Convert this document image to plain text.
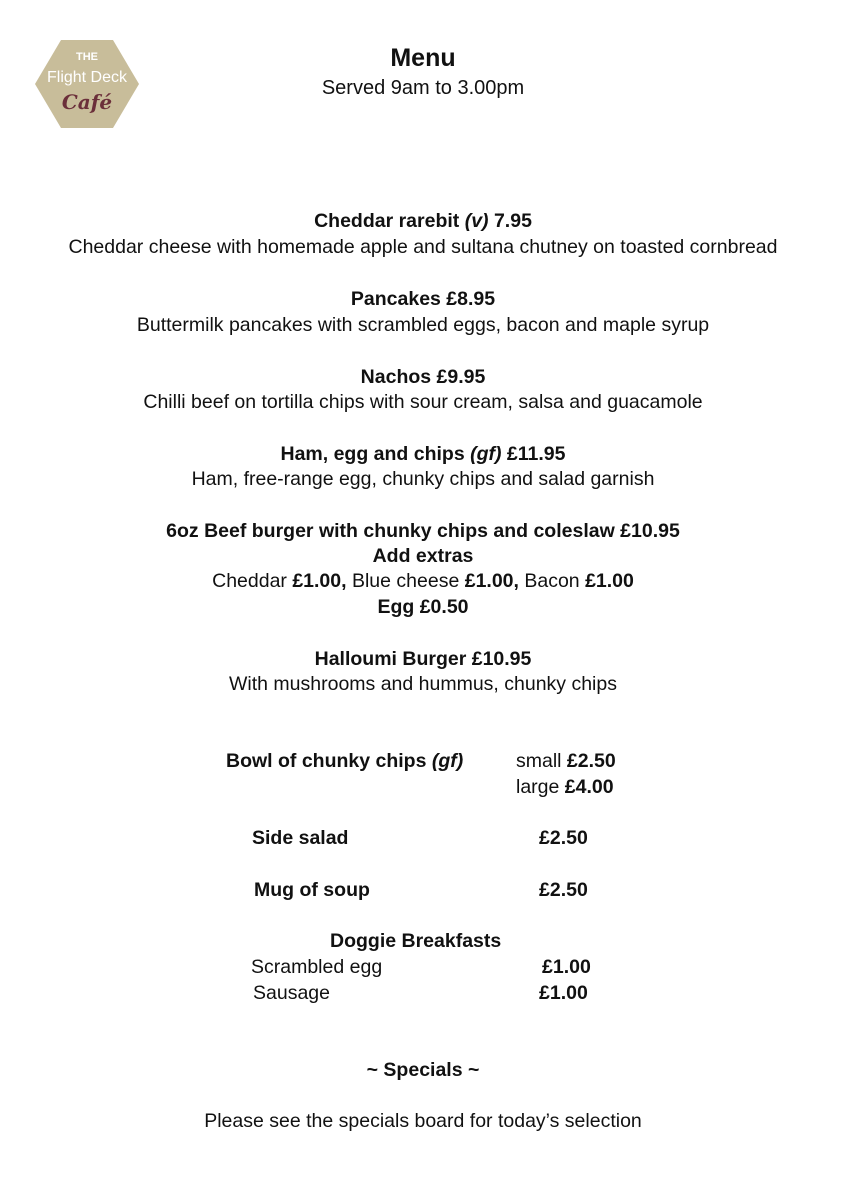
THE
Flight Deck
Café
Menu
Served 9am to 3.00pm
Cheddar rarebit (v) 7.95
Cheddar cheese with homemade apple and sultana chutney on toasted cornbread
Pancakes £8.95
Buttermilk pancakes with scrambled eggs, bacon and maple syrup
Nachos £9.95
Chilli beef on tortilla chips with sour cream, salsa and guacamole
Ham, egg and chips (gf) £11.95
Ham, free-range egg, chunky chips and salad garnish
6oz Beef burger with chunky chips and coleslaw £10.95
Add extras
Cheddar £1.00, Blue cheese £1.00, Bacon £1.00
Egg £0.50
Halloumi Burger £10.95
With mushrooms and hummus, chunky chips
Bowl of chunky chips (gf)	small £2.50
large £4.00
Side salad	£2.50
Mug of soup	£2.50
Doggie Breakfasts
Scrambled egg	£1.00
Sausage	£1.00
~ Specials ~
Please see the specials board for today’s selection
